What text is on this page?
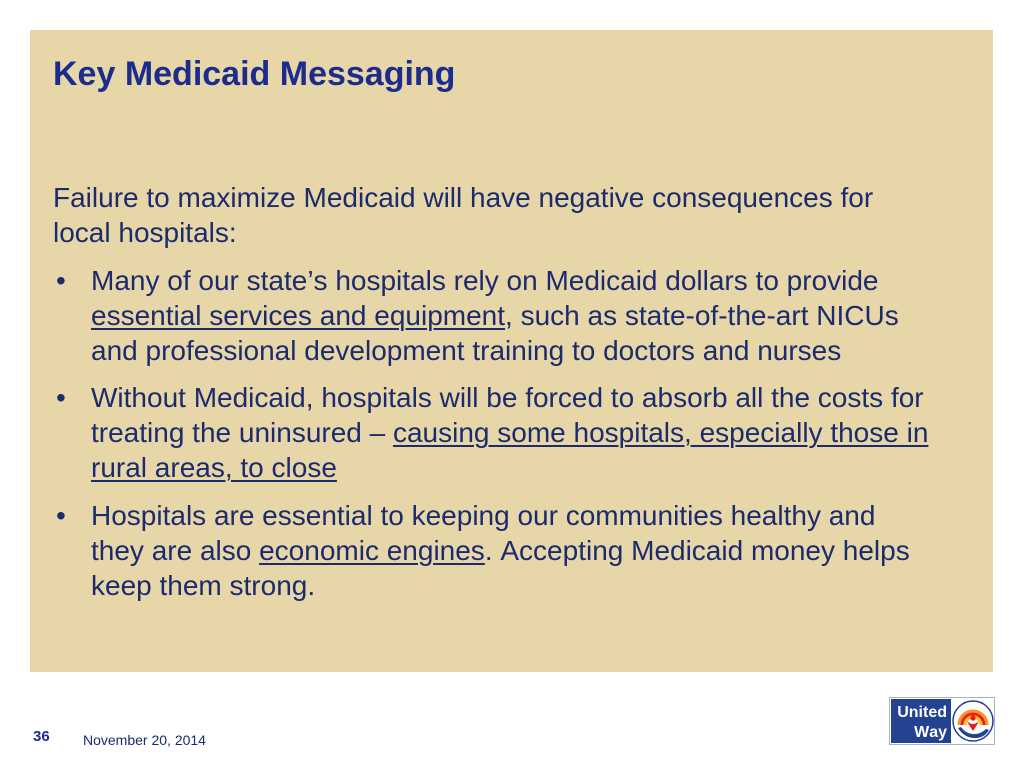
Key Medicaid Messaging

Failure to maximize Medicaid will have negative consequences for local hospitals:

• Many of our state’s hospitals rely on Medicaid dollars to provide essential services and equipment, such as state-of-the-art NICUs and professional development training to doctors and nurses
• Without Medicaid, hospitals will be forced to absorb all the costs for treating the uninsured – causing some hospitals, especially those in rural areas, to close
• Hospitals are essential to keeping our communities healthy and they are also economic engines. Accepting Medicaid money helps keep them strong.
36 November 20, 2014
United
Way
